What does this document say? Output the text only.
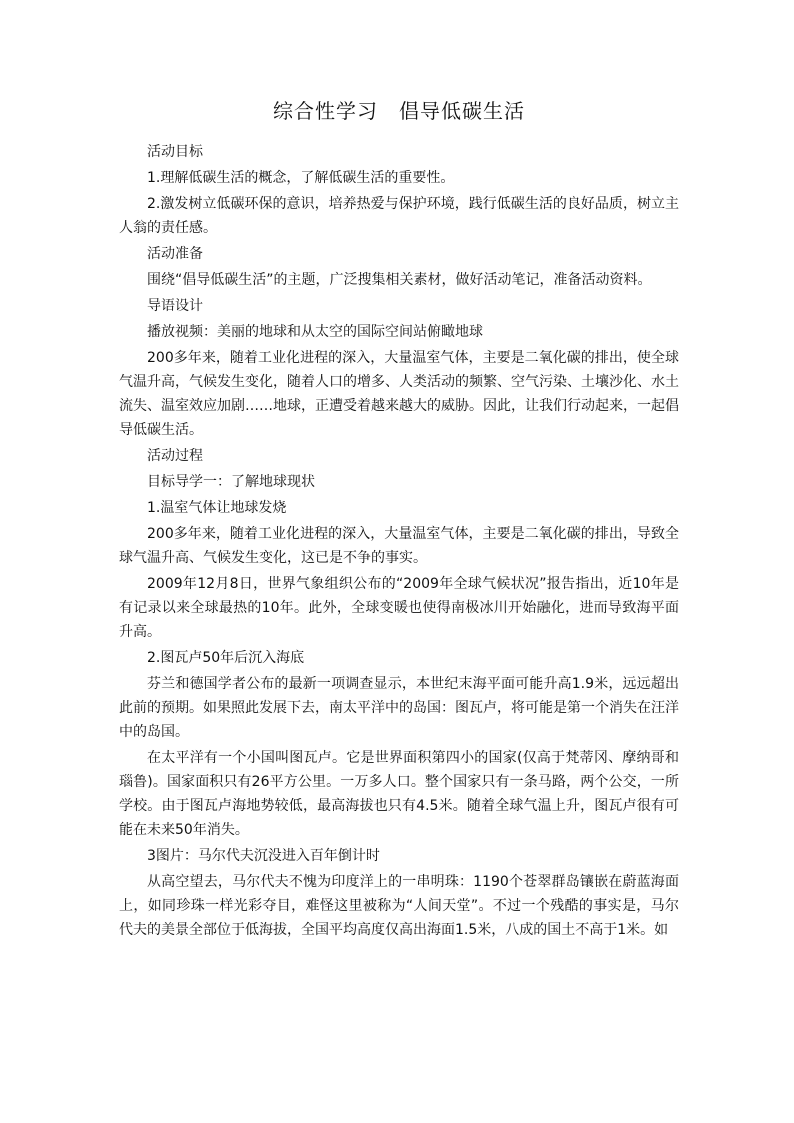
综合性学习　倡导低碳生活

活动目标

1.理解低碳生活的概念，了解低碳生活的重要性。

2.激发树立低碳环保的意识，培养热爱与保护环境，践行低碳生活的良好品质，树立主人翁的责任感。

活动准备

围绕“倡导低碳生活”的主题，广泛搜集相关素材，做好活动笔记，准备活动资料。

导语设计

播放视频：美丽的地球和从太空的国际空间站俯瞰地球

200多年来，随着工业化进程的深入，大量温室气体，主要是二氧化碳的排出，使全球气温升高，气候发生变化，随着人口的增多、人类活动的频繁、空气污染、土壤沙化、水土流失、温室效应加剧……地球，正遭受着越来越大的威胁。因此，让我们行动起来，一起倡导低碳生活。

活动过程

目标导学一：了解地球现状

1.温室气体让地球发烧

200多年来，随着工业化进程的深入，大量温室气体，主要是二氧化碳的排出，导致全球气温升高、气候发生变化，这已是不争的事实。

2009年12月8日，世界气象组织公布的“2009年全球气候状况”报告指出，近10年是有记录以来全球最热的10年。此外，全球变暖也使得南极冰川开始融化，进而导致海平面升高。

2.图瓦卢50年后沉入海底

芬兰和德国学者公布的最新一项调查显示，本世纪末海平面可能升高1.9米，远远超出此前的预期。如果照此发展下去，南太平洋中的岛国：图瓦卢，将可能是第一个消失在汪洋中的岛国。

在太平洋有一个小国叫图瓦卢。它是世界面积第四小的国家(仅高于梵蒂冈、摩纳哥和瑙鲁)。国家面积只有26平方公里。一万多人口。整个国家只有一条马路，两个公交，一所学校。由于图瓦卢海地势较低，最高海拔也只有4.5米。随着全球气温上升，图瓦卢很有可能在未来50年消失。

3图片：马尔代夫沉没进入百年倒计时

从高空望去，马尔代夫不愧为印度洋上的一串明珠：1190个苍翠群岛镶嵌在蔚蓝海面上，如同珍珠一样光彩夺目，难怪这里被称为“人间天堂”。不过一个残酷的事实是，马尔代夫的美景全部位于低海拔，全国平均高度仅高出海面1.5米，八成的国土不高于1米。如
